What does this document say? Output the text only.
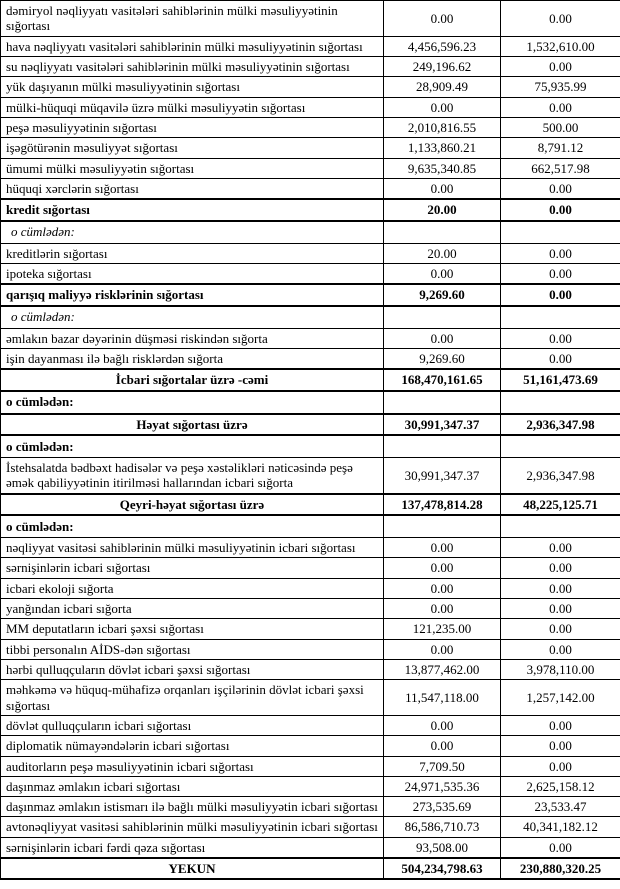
dəmiryol nəqliyyatı vasitələri sahiblərinin mülki məsuliyyətinin sığortası	0.00	0.00
hava nəqliyyatı vasitələri sahiblərinin mülki məsuliyyətinin sığortası	4,456,596.23	1,532,610.00
su nəqliyyatı vasitələri sahiblərinin mülki məsuliyyətinin sığortası	249,196.62	0.00
yük daşıyanın mülki məsuliyyətinin sığortası	28,909.49	75,935.99
mülki-hüquqi müqavilə üzrə mülki məsuliyyətin sığortası	0.00	0.00
peşə məsuliyyətinin sığortası	2,010,816.55	500.00
işəgötürənin məsuliyyət sığortası	1,133,860.21	8,791.12
ümumi mülki məsuliyyətin sığortası	9,635,340.85	662,517.98
hüquqi xərclərin sığortası	0.00	0.00
kredit sığortası	20.00	0.00
o cümlədən:		
kreditlərin sığortası	20.00	0.00
ipoteka sığortası	0.00	0.00
qarışıq maliyyə risklərinin sığortası	9,269.60	0.00
o cümlədən:		
əmlakın bazar dəyərinin düşməsi riskindən sığorta	0.00	0.00
işin dayanması ilə bağlı risklərdən sığorta	9,269.60	0.00
İcbari sığortalar üzrə -cəmi	168,470,161.65	51,161,473.69
o cümlədən:		
Həyat sığortası üzrə	30,991,347.37	2,936,347.98
o cümlədən:		
İstehsalatda bədbəxt hadisələr və peşə xəstəlikləri nəticəsində peşə əmək qabiliyyətinin itirilməsi hallarından icbari sığorta	30,991,347.37	2,936,347.98
Qeyri-həyat sığortası üzrə	137,478,814.28	48,225,125.71
o cümlədən:		
nəqliyyat vasitəsi sahiblərinin mülki məsuliyyətinin icbari sığortası	0.00	0.00
sərnişinlərin icbari sığortası	0.00	0.00
icbari ekoloji sığorta	0.00	0.00
yanğından icbari sığorta	0.00	0.00
MM deputatların icbari şəxsi sığortası	121,235.00	0.00
tibbi personalın AİDS-dən sığortası	0.00	0.00
hərbi qulluqçuların dövlət icbari şəxsi sığortası	13,877,462.00	3,978,110.00
məhkəmə və hüquq-mühafizə orqanları işçilərinin dövlət icbari şəxsi sığortası	11,547,118.00	1,257,142.00
dövlət qulluqçuların icbari sığortası	0.00	0.00
diplomatik nümayəndələrin icbari sığortası	0.00	0.00
auditorların peşə məsuliyyətinin icbari sığortası	7,709.50	0.00
daşınmaz əmlakın icbari sığortası	24,971,535.36	2,625,158.12
daşınmaz əmlakın istismarı ilə bağlı mülki məsuliyyətin icbari sığortası	273,535.69	23,533.47
avtonəqliyyat vasitəsi sahiblərinin mülki məsuliyyətinin icbari sığortası	86,586,710.73	40,341,182.12
sərnişinlərin icbari fərdi qəza sığortası	93,508.00	0.00
YEKUN	504,234,798.63	230,880,320.25
